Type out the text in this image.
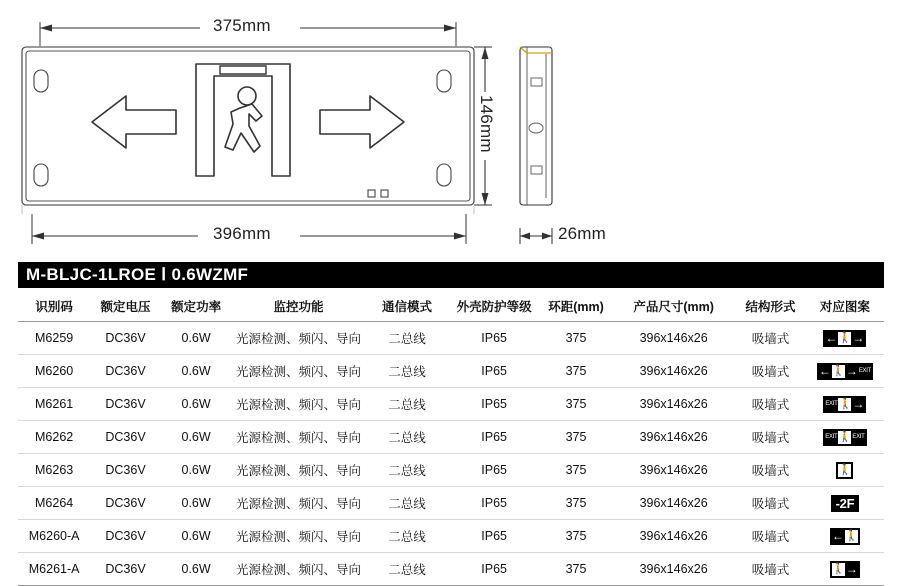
375mm
396mm
146mm
26mm
M-BLJC-1LROE Ⅰ 0.6WZMF
识别码	额定电压	额定功率	监控功能	通信模式	外壳防护等级	环距(mm)	产品尺寸(mm)	结构形式	对应图案
M6259	DC36V	0.6W	光源检测、频闪、导向	二总线	IP65	375	396x146x26	吸墙式	← 🚶 →

M6260	DC36V	0.6W	光源检测、频闪、导向	二总线	IP65	375	396x146x26	吸墙式	← 🚶 → EXIT

M6261	DC36V	0.6W	光源检测、频闪、导向	二总线	IP65	375	396x146x26	吸墙式	EXIT 🚶 →

M6262	DC36V	0.6W	光源检测、频闪、导向	二总线	IP65	375	396x146x26	吸墙式	EXIT 🚶 EXIT

M6263	DC36V	0.6W	光源检测、频闪、导向	二总线	IP65	375	396x146x26	吸墙式	🚶

M6264	DC36V	0.6W	光源检测、频闪、导向	二总线	IP65	375	396x146x26	吸墙式	-2F

M6260-A	DC36V	0.6W	光源检测、频闪、导向	二总线	IP65	375	396x146x26	吸墙式	← 🚶

M6261-A	DC36V	0.6W	光源检测、频闪、导向	二总线	IP65	375	396x146x26	吸墙式	🚶 →
